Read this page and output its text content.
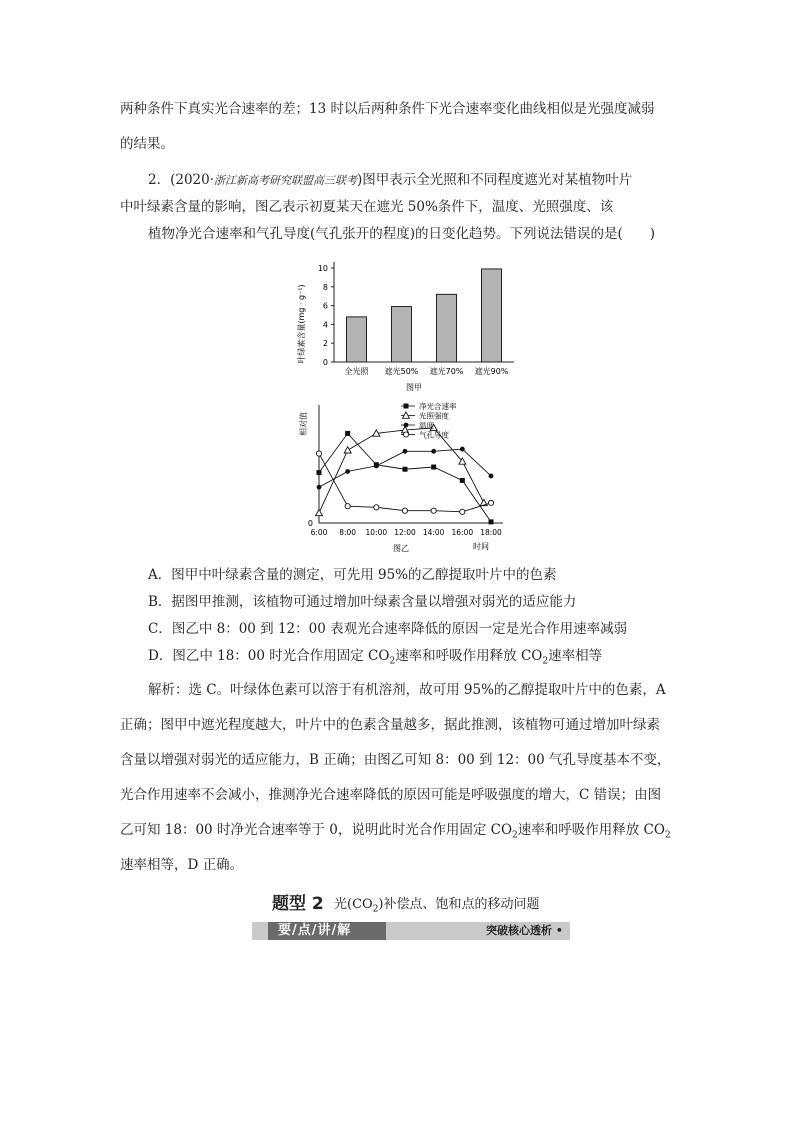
两种条件下真实光合速率的差；13 时以后两种条件下光合速率变化曲线相似是光强度减弱
的结果。
2．(2020·浙江新高考研究联盟高三联考)图甲表示全光照和不同程度遮光对某植物叶片
中叶绿素含量的影响，图乙表示初夏某天在遮光 50%条件下，温度、光照强度、该
植物净光合速率和气孔导度(气孔张开的程度)的日变化趋势。下列说法错误的是(　　)
叶绿素含量(mg · g⁻¹) 0
2
4
6
8
10
全光照 遮光50% 遮光70% 遮光90%
图甲
相对值
0
6:00 8:00 10:00 12:00 14:00 16:00 18:00
图乙	时间
净光合速率
光照强度
温度
气孔导度
A．图甲中叶绿素含量的测定，可先用 95%的乙醇提取叶片中的色素
B．据图甲推测，该植物可通过增加叶绿素含量以增强对弱光的适应能力
C．图乙中 8：00 到 12：00 表观光合速率降低的原因一定是光合作用速率减弱
D．图乙中 18：00 时光合作用固定 $CO_2$速率和呼吸作用释放 $CO_2$速率相等
解析：选 C。叶绿体色素可以溶于有机溶剂，故可用 95%的乙醇提取叶片中的色素，A
正确；图甲中遮光程度越大，叶片中的色素含量越多，据此推测，该植物可通过增加叶绿素
含量以增强对弱光的适应能力，B 正确；由图乙可知 8：00 到 12：00 气孔导度基本不变，
光合作用速率不会减小，推测净光合速率降低的原因可能是呼吸强度的增大，C 错误；由图
乙可知 18：00 时净光合速率等于 0，说明此时光合作用固定 $CO_2$速率和呼吸作用释放 $CO_2$
速率相等，D 正确。
题型 2 光$(CO_2)$补偿点、饱和点的移动问题
要/点/讲/解	突破核心透析 •
